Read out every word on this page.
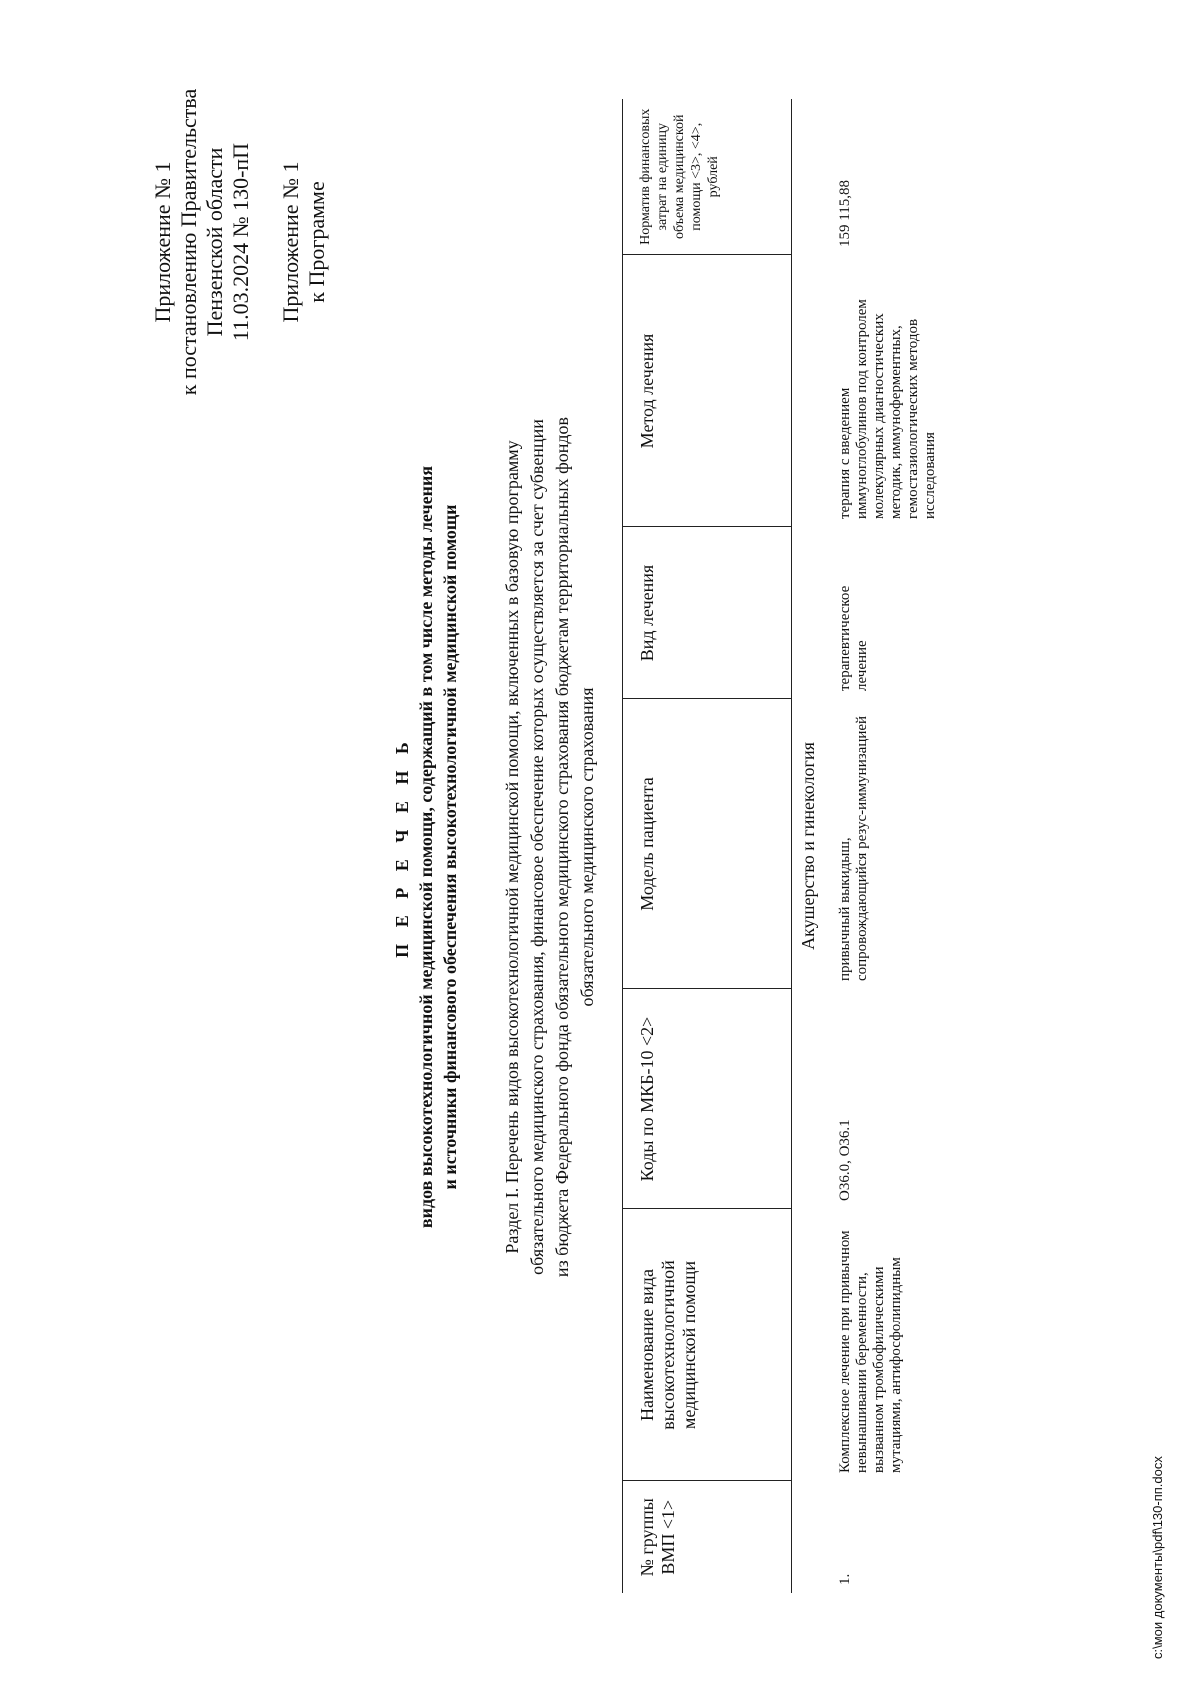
Приложение № 1 к постановлению Правительства Пензенской области 11.03.2024 № 130-пП Приложение № 1 к Программе
П Е Р Е Ч Е Н Ь видов высокотехнологичной медицинской помощи, содержащий в том числе методы лечения и источники финансового обеспечения высокотехнологичной медицинской помощи Раздел I. Перечень видов высокотехнологичной медицинской помощи, включенных в базовую программу обязательного медицинского страхования, финансовое обеспечение которых осуществляется за счет субвенции из бюджета Федерального фонда обязательного медицинского страхования бюджетам территориальных фондов обязательного медицинского страхования
№ группы ВМП <1>	Наименование вида высокотехнологичной медицинской помощи	Коды по МКБ-10 <2>	Модель пациента	Вид лечения	Метод лечения	Норматив финансовых затрат на единицу объема медицинской помощи <3>, <4>, рублей
Акушерство и гинекология						
1.	Комплексное лечение при привычном невынашивании беременности, вызванном тромбофилическими мутациями, антифосфолипидным	O36.0, O36.1	привычный выкидыш, сопровождающийся резус-иммунизацией	терапевтическое лечение	терапия с введением иммуноглобулинов под контролем молекулярных диагностических методик, иммуноферментных, гемостазиологических методов исследования	159 115,88
c:\мои документы\pdf\130-пп.docx
